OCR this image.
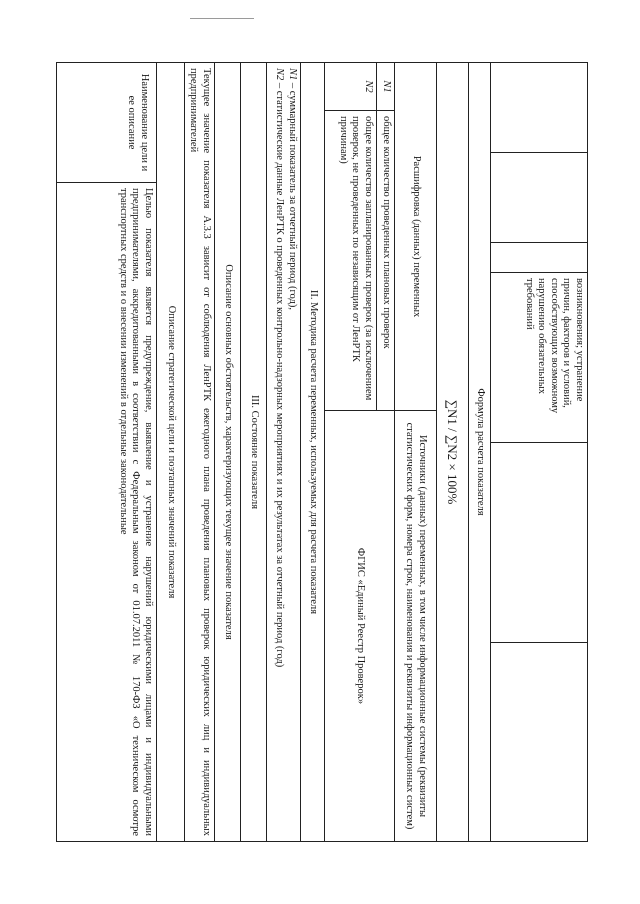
возникновения; устранение причин, факторов и условий, способствующих возможному нарушению обязательных требований
Формула расчета показателя
∑N1 / ∑N2 × 100%
Расшифровка (данных) переменных
Источники (данных) переменных, в том числе информационные системы (реквизиты статистических форм, номера строк, наименования и реквизиты информационных систем)
N1
общее количество проведенных плановых проверок
N2
общее количество запланированных проверок (за исключением проверок, не проведенных по независящим от ЛенРТК причинам)
ФГИС «Единый Реестр Проверок»
II. Методика расчета переменных, используемых для расчета показателя
N1 – суммарный показатель за отчетный период (год),
N2 – статистические данные ЛенРТК о проведенных контрольно-надзорных мероприятиях и их результатах за отчетный период (год)
III. Состояние показателя
Описание основных обстоятельств, характеризующих текущее значение показателя
Текущее значение показателя А.3.3 зависит от соблюдения ЛенРТК ежегодного плана проведения плановых проверок юридических лиц и индивидуальных предпринимателей
Описание стратегической цели и поэтапных значений показателя
Наименование цели и ее описание
Целью показателя является предупреждение, выявление и устранение нарушений юридическими лицами и индивидуальными предпринимателями, аккредитованными в соответствии с Федеральным законом от 01.07.2011 № 170-ФЗ «О техническом осмотре транспортных средств и о внесении изменений в отдельные законодательные
